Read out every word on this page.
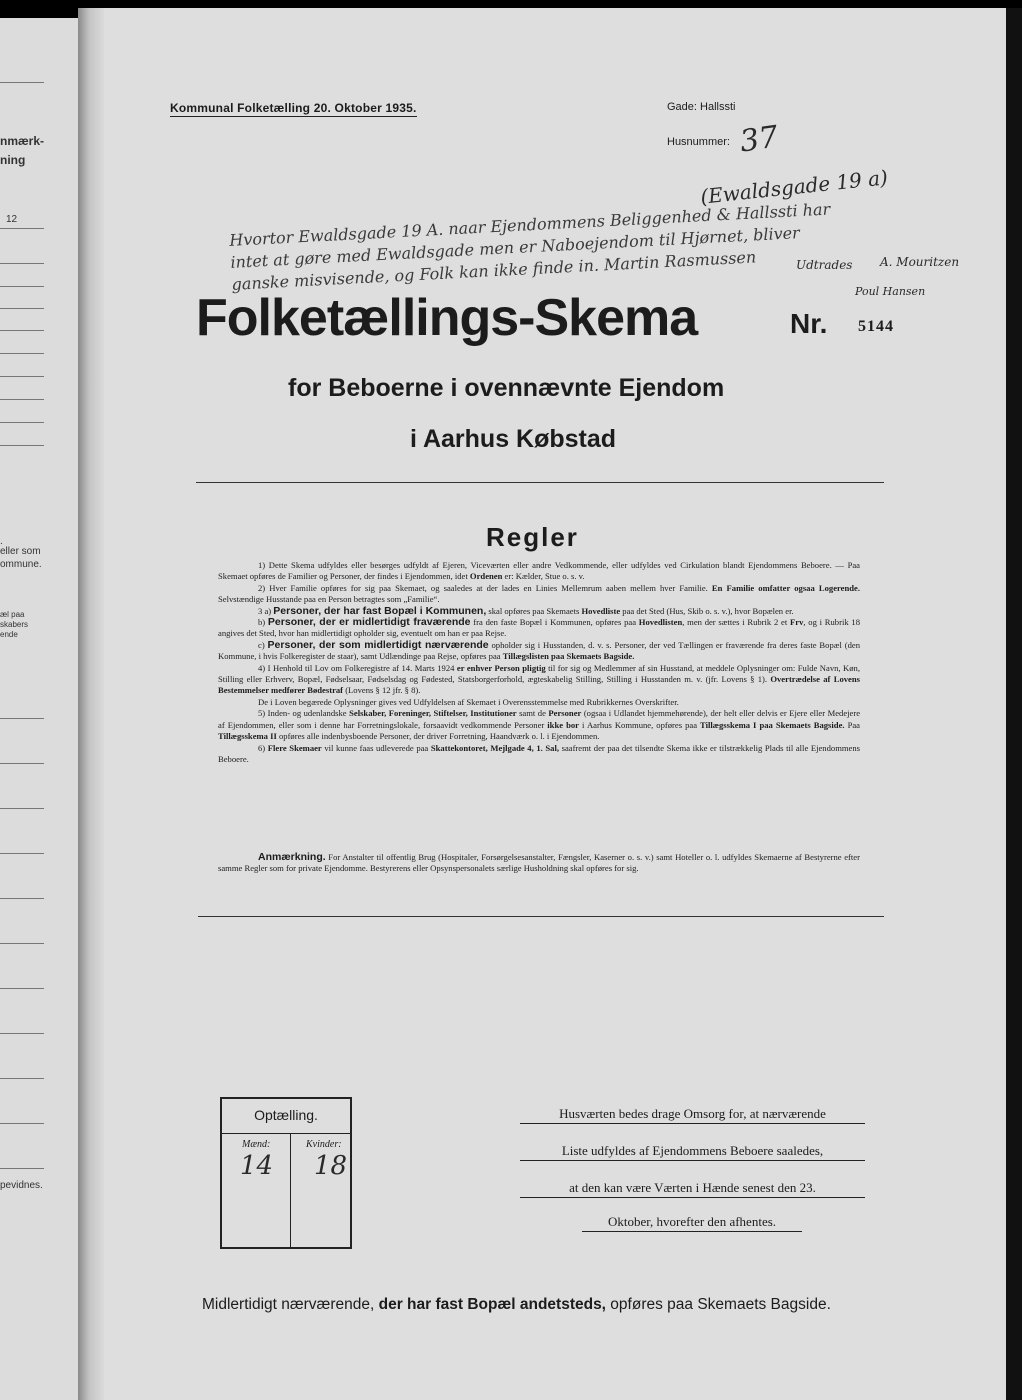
nmærk-
ning
12
.
eller som
ommune.
æl paa
skabers
ende
pevidnes.
Kommunal Folketælling 20. Oktober 1935.	Gade: Hallssti
Husnummer: 37
(Ewaldsgade 19 a)
Hvortor Ewaldsgade 19 A. naar Ejendommens Beliggenhed & Hallssti har intet at gøre med Ewaldsgade men er Naboejendom til Hjørnet, bliver ganske misvisende, og Folk kan ikke finde in. Martin Rasmussen	Udtrades A. Mouritzen
Poul Hansen
Folketællings-Skema	Nr. 5144
for Beboerne i ovennævnte Ejendom
i Aarhus Købstad
Regler

1) Dette Skema udfyldes eller besørges udfyldt af Ejeren, Viceværten eller andre Vedkommende, eller udfyldes ved Cirkulation blandt Ejendommens Beboere. — Paa Skemaet opføres de Familier og Personer, der findes i Ejendommen, idet Ordenen er: Kælder, Stue o. s. v.

2) Hver Familie opføres for sig paa Skemaet, og saaledes at der lades en Linies Mellemrum aaben mellem hver Familie. En Familie omfatter ogsaa Logerende. Selvstændige Husstande paa en Person betragtes som „Familie“.

3 a) Personer, der har fast Bopæl i Kommunen, skal opføres paa Skemaets Hovedliste paa det Sted (Hus, Skib o. s. v.), hvor Bopælen er.

b) Personer, der er midlertidigt fraværende fra den faste Bopæl i Kommunen, opføres paa Hovedlisten, men der sættes i Rubrik 2 et Frv, og i Rubrik 18 angives det Sted, hvor han midlertidigt opholder sig, eventuelt om han er paa Rejse.

c) Personer, der som midlertidigt nærværende opholder sig i Husstanden, d. v. s. Personer, der ved Tællingen er fraværende fra deres faste Bopæl (den Kommune, i hvis Folkeregister de staar), samt Udlændinge paa Rejse, opføres paa Tillægslisten paa Skemaets Bagside.

4) I Henhold til Lov om Folkeregistre af 14. Marts 1924 er enhver Person pligtig til for sig og Medlemmer af sin Husstand, at meddele Oplysninger om: Fulde Navn, Køn, Stilling eller Erhverv, Bopæl, Fødselsaar, Fødselsdag og Fødested, Statsborgerforhold, ægteskabelig Stilling, Stilling i Husstanden m. v. (jfr. Lovens § 1). Overtrædelse af Lovens Bestemmelser medfører Bødestraf (Lovens § 12 jfr. § 8).

De i Loven begærede Oplysninger gives ved Udfyldelsen af Skemaet i Overensstemmelse med Rubrikkernes Overskrifter.

5) Inden- og udenlandske Selskaber, Foreninger, Stiftelser, Institutioner samt de Personer (ogsaa i Udlandet hjemmehørende), der helt eller delvis er Ejere eller Medejere af Ejendommen, eller som i denne har Forretningslokale, forsaavidt vedkommende Personer ikke bor i Aarhus Kommune, opføres paa Tillægsskema I paa Skemaets Bagside. Paa Tillægsskema II opføres alle indenbysboende Personer, der driver Forretning, Haandværk o. l. i Ejendommen.

6) Flere Skemaer vil kunne faas udleverede paa Skattekontoret, Mejlgade 4, 1. Sal, saafremt der paa det tilsendte Skema ikke er tilstrækkelig Plads til alle Ejendommens Beboere.

Anmærkning. For Anstalter til offentlig Brug (Hospitaler, Forsørgelsesanstalter, Fængsler, Kaserner o. s. v.) samt Hoteller o. l. udfyldes Skemaerne af Bestyrerne efter samme Regler som for private Ejendomme. Bestyrerens eller Opsynspersonalets særlige Husholdning skal opføres for sig.
Optælling.
Mænd:	Kvinder:
14 18
Husværten bedes drage Omsorg for, at nærværende
Liste udfyldes af Ejendommens Beboere saaledes,
at den kan være Værten i Hænde senest den 23.
Oktober, hvorefter den afhentes.
Midlertidigt nærværende, der har fast Bopæl andetsteds, opføres paa Skemaets Bagside.
